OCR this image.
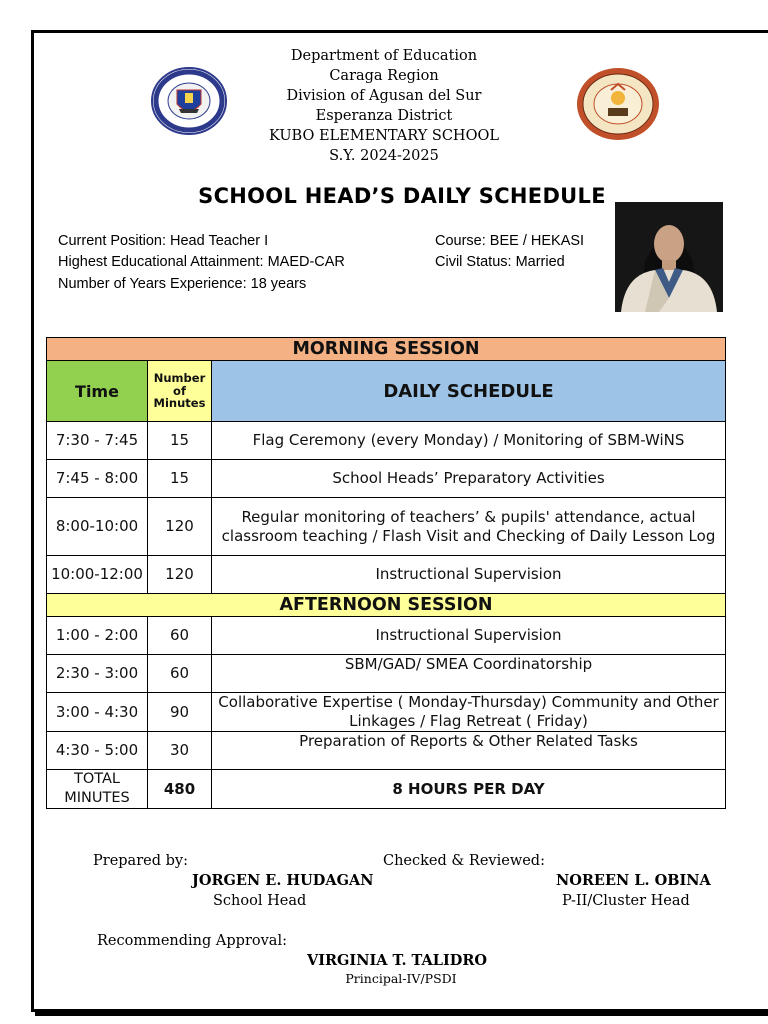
Department of Education
Caraga Region
Division of Agusan del Sur
Esperanza District
KUBO ELEMENTARY SCHOOL
S.Y. 2024-2025
SCHOOL HEAD’S DAILY SCHEDULE
Current Position: Head Teacher I
Highest Educational Attainment: MAED-CAR
Number of Years Experience: 18 years
Course: BEE / HEKASI
Civil Status: Married
MORNING SESSION		
Time	Number of Minutes	DAILY SCHEDULE
7:30 - 7:45	15	Flag Ceremony (every Monday) / Monitoring of SBM-WiNS
7:45 - 8:00	15	School Heads’ Preparatory Activities
8:00-10:00	120	Regular monitoring of teachers’ & pupils' attendance, actual classroom teaching / Flash Visit and Checking of Daily Lesson Log
10:00-12:00	120	Instructional Supervision
AFTERNOON SESSION		
1:00 - 2:00	60	Instructional Supervision
2:30 - 3:00	60	SBM/GAD/ SMEA Coordinatorship
3:00 - 4:30	90	Collaborative Expertise ( Monday-Thursday) Community and Other Linkages / Flag Retreat ( Friday)
4:30 - 5:00	30	Preparation of Reports & Other Related Tasks
TOTAL MINUTES	480	8 HOURS PER DAY
Prepared by:
JORGEN E. HUDAGAN
School Head
Checked & Reviewed:
NOREEN L. OBINA
P-II/Cluster Head
Recommending Approval:
VIRGINIA T. TALIDRO
Principal-IV/PSDI
